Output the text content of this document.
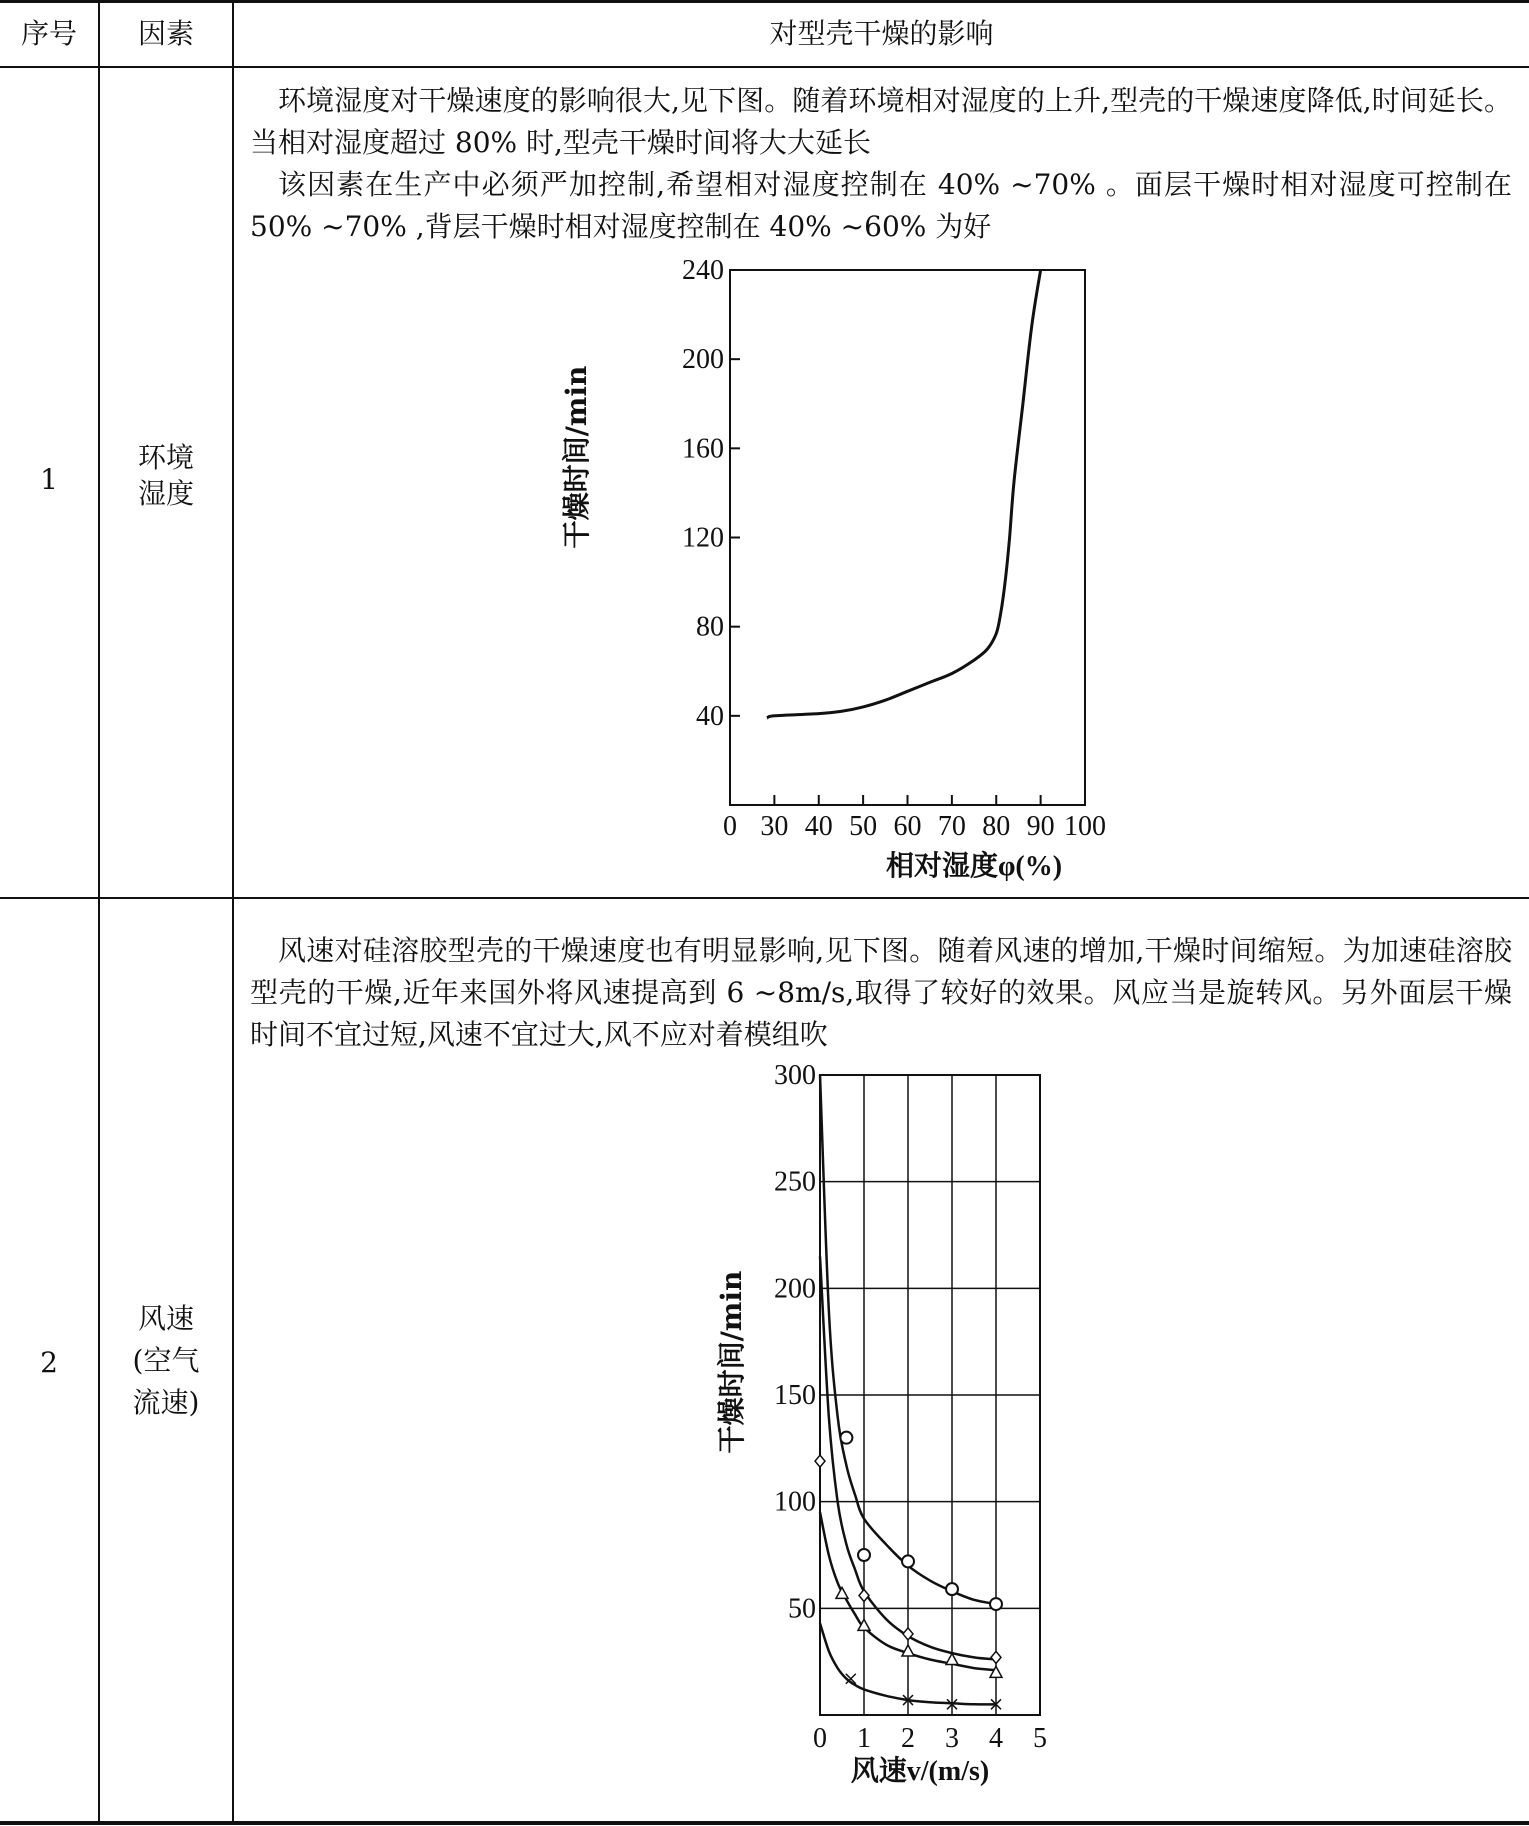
序号	因素	对型壳干燥的影响
1
环境
湿度

环境湿度对干燥速度的影响很大,见下图。随着环境相对湿度的上升,型壳的干燥速度降低,时间延长。当相对湿度超过 80% 时,型壳干燥时间将大大延长

该因素在生产中必须严加控制,希望相对湿度控制在 40% ~70% 。面层干燥时相对湿度可控制在 50% ~70% ,背层干燥时相对湿度控制在 40% ~60% 为好

40
80
120
160
200
240
0 30 40 50 60 70 80 90 100
相对湿度φ(%)
干燥时间/min
2
风速
(空气
流速)

风速对硅溶胶型壳的干燥速度也有明显影响,见下图。随着风速的增加,干燥时间缩短。为加速硅溶胶型壳的干燥,近年来国外将风速提高到 6 ~8m/s,取得了较好的效果。风应当是旋转风。另外面层干燥时间不宜过短,风速不宜过大,风不应对着模组吹

50
100
150
200
250
300
0 1 2 3 4 5
风速v/(m/s)
干燥时间/min
